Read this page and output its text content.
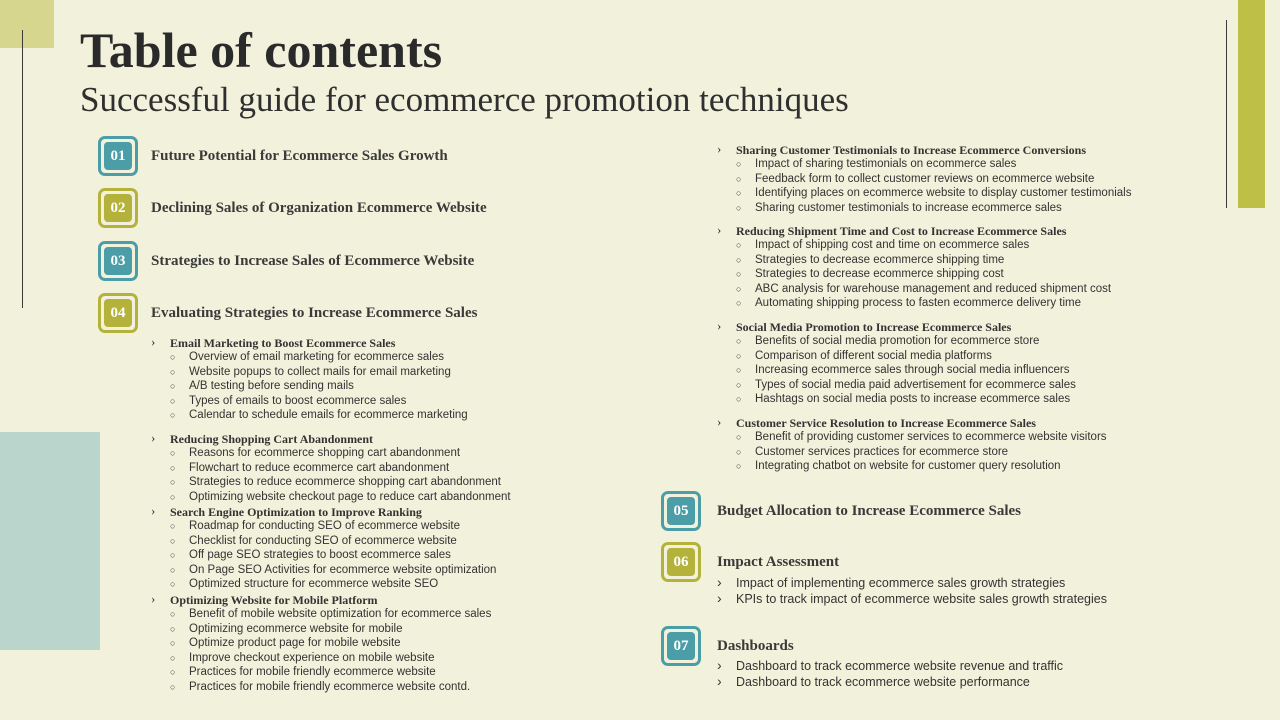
Table of contents
Successful guide for ecommerce promotion techniques
01	Future Potential for Ecommerce Sales Growth
02	Declining Sales of Organization Ecommerce Website
03	Strategies to Increase Sales of Ecommerce Website
04	Evaluating Strategies to Increase Ecommerce Sales
› Email Marketing to Boost Ecommerce Sales
○ Overview of email marketing for ecommerce sales
○ Website popups to collect mails for email marketing
○ A/B testing before sending mails
○ Types of emails to boost ecommerce sales
○ Calendar to schedule emails for ecommerce marketing
› Reducing Shopping Cart Abandonment
○ Reasons for ecommerce shopping cart abandonment
○ Flowchart to reduce ecommerce cart abandonment
○ Strategies to reduce ecommerce shopping cart abandonment
○ Optimizing website checkout page to reduce cart abandonment
› Search Engine Optimization to Improve Ranking
○ Roadmap for conducting SEO of ecommerce website
○ Checklist for conducting SEO of ecommerce website
○ Off page SEO strategies to boost ecommerce sales
○ On Page SEO Activities for ecommerce website optimization
○ Optimized structure for ecommerce website SEO
› Optimizing Website for Mobile Platform
○ Benefit of mobile website optimization for ecommerce sales
○ Optimizing ecommerce website for mobile
○ Optimize product page for mobile website
○ Improve checkout experience on mobile website
○ Practices for mobile friendly ecommerce website
○ Practices for mobile friendly ecommerce website contd.
› Sharing Customer Testimonials to Increase Ecommerce Conversions
○ Impact of sharing testimonials on ecommerce sales
○ Feedback form to collect customer reviews on ecommerce website
○ Identifying places on ecommerce website to display customer testimonials
○ Sharing customer testimonials to increase ecommerce sales
› Reducing Shipment Time and Cost to Increase Ecommerce Sales
○ Impact of shipping cost and time on ecommerce sales
○ Strategies to decrease ecommerce shipping time
○ Strategies to decrease ecommerce shipping cost
○ ABC analysis for warehouse management and reduced shipment cost
○ Automating shipping process to fasten ecommerce delivery time
› Social Media Promotion to Increase Ecommerce Sales
○ Benefits of social media promotion for ecommerce store
○ Comparison of different social media platforms
○ Increasing ecommerce sales through social media influencers
○ Types of social media paid advertisement for ecommerce sales
○ Hashtags on social media posts to increase ecommerce sales
› Customer Service Resolution to Increase Ecommerce Sales
○ Benefit of providing customer services to ecommerce website visitors
○ Customer services practices for ecommerce store
○ Integrating chatbot on website for customer query resolution
05	Budget Allocation to Increase Ecommerce Sales
06	Impact Assessment
› Impact of implementing ecommerce sales growth strategies
› KPIs to track impact of ecommerce website sales growth strategies
07	Dashboards
› Dashboard to track ecommerce website revenue and traffic
› Dashboard to track ecommerce website performance
